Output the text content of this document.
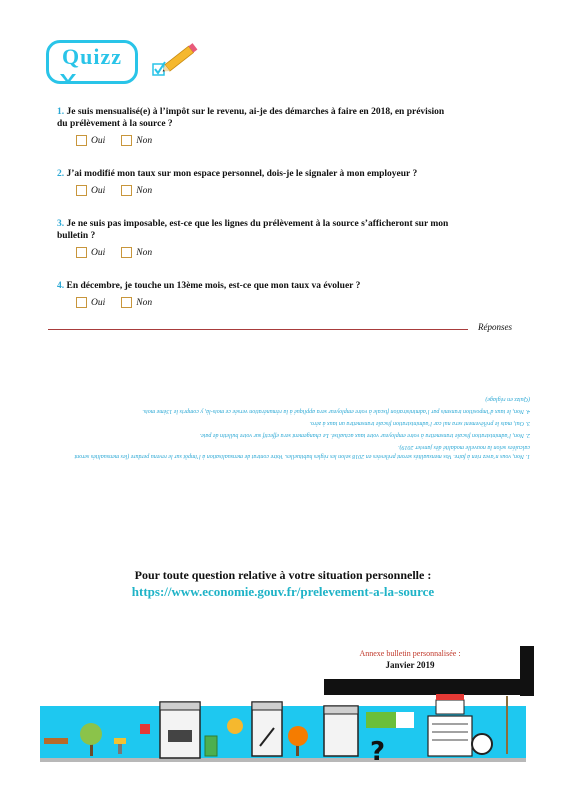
Quizz
1. Je suis mensualisé(e) à l’impôt sur le revenu, ai-je des démarches à faire en 2018, en prévision du prélèvement à la source ?
Oui	Non
2. J’ai modifié mon taux sur mon espace personnel, dois-je le signaler à mon employeur ?
Oui	Non
3. Je ne suis pas imposable, est-ce que les lignes du prélèvement à la source s’afficheront sur mon bulletin ?
Oui	Non
4. En décembre, je touche un 13ème mois, est-ce que mon taux va évoluer ?
Oui	Non
Réponses

1. Non, vous n’avez rien à faire. Vos mensualités seront prélevées en 2018 selon les règles habituelles. Votre contrat de mensualisation à l’impôt sur le revenu perdure (les mensualités seront calculées selon la nouvelle modalité dès janvier 2019).

2. Non, l’administration fiscale transmettra à votre employeur votre taux actualisé. Le changement sera effectif sur votre bulletin de paie.

3. Oui, mais le prélèvement sera nul car l’administration fiscale transmettra un taux à zéro.

4. Non, le taux d’imposition transmis par l’administration fiscale à votre employeur sera appliqué à la rémunération versée ce mois-là, y compris le 13ème mois.

(Quizz en réglage)

Pour toute question relative à votre situation personnelle :
https://www.economie.gouv.fr/prelevement-a-la-source
Annexe bulletin personnalisée :
Janvier 2019
?
